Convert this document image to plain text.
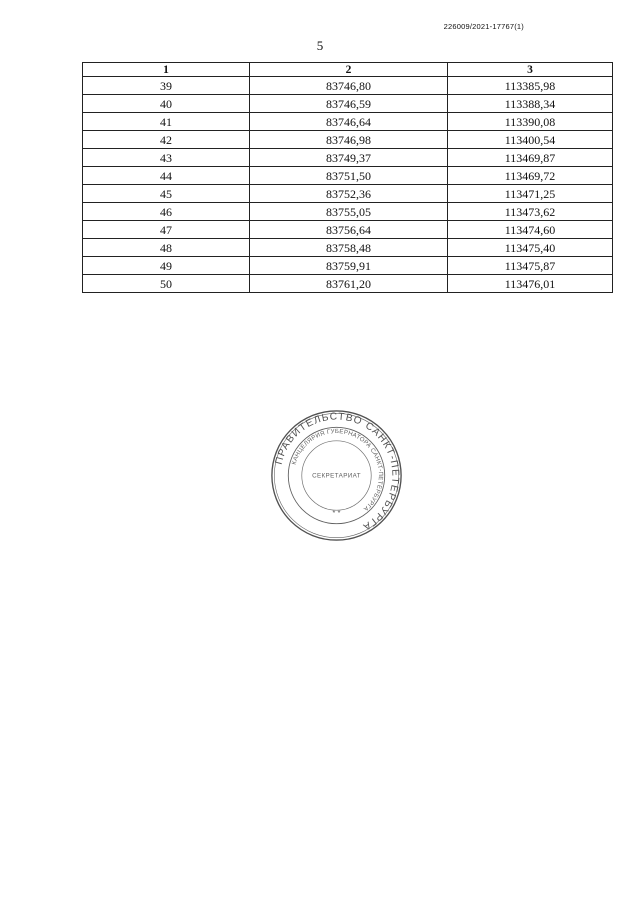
226009/2021-17767(1)
5
1	2	3
39	83746,80	113385,98
40	83746,59	113388,34
41	83746,64	113390,08
42	83746,98	113400,54
43	83749,37	113469,87
44	83751,50	113469,72
45	83752,36	113471,25
46	83755,05	113473,62
47	83756,64	113474,60
48	83758,48	113475,40
49	83759,91	113475,87
50	83761,20	113476,01
ПРАВИТЕЛЬСТВО САНКТ-ПЕТЕРБУРГА
КАНЦЕЛЯРИЯ ГУБЕРНАТОРА САНКТ-ПЕТЕРБУРГА
СЕКРЕТАРИАТ
* *
